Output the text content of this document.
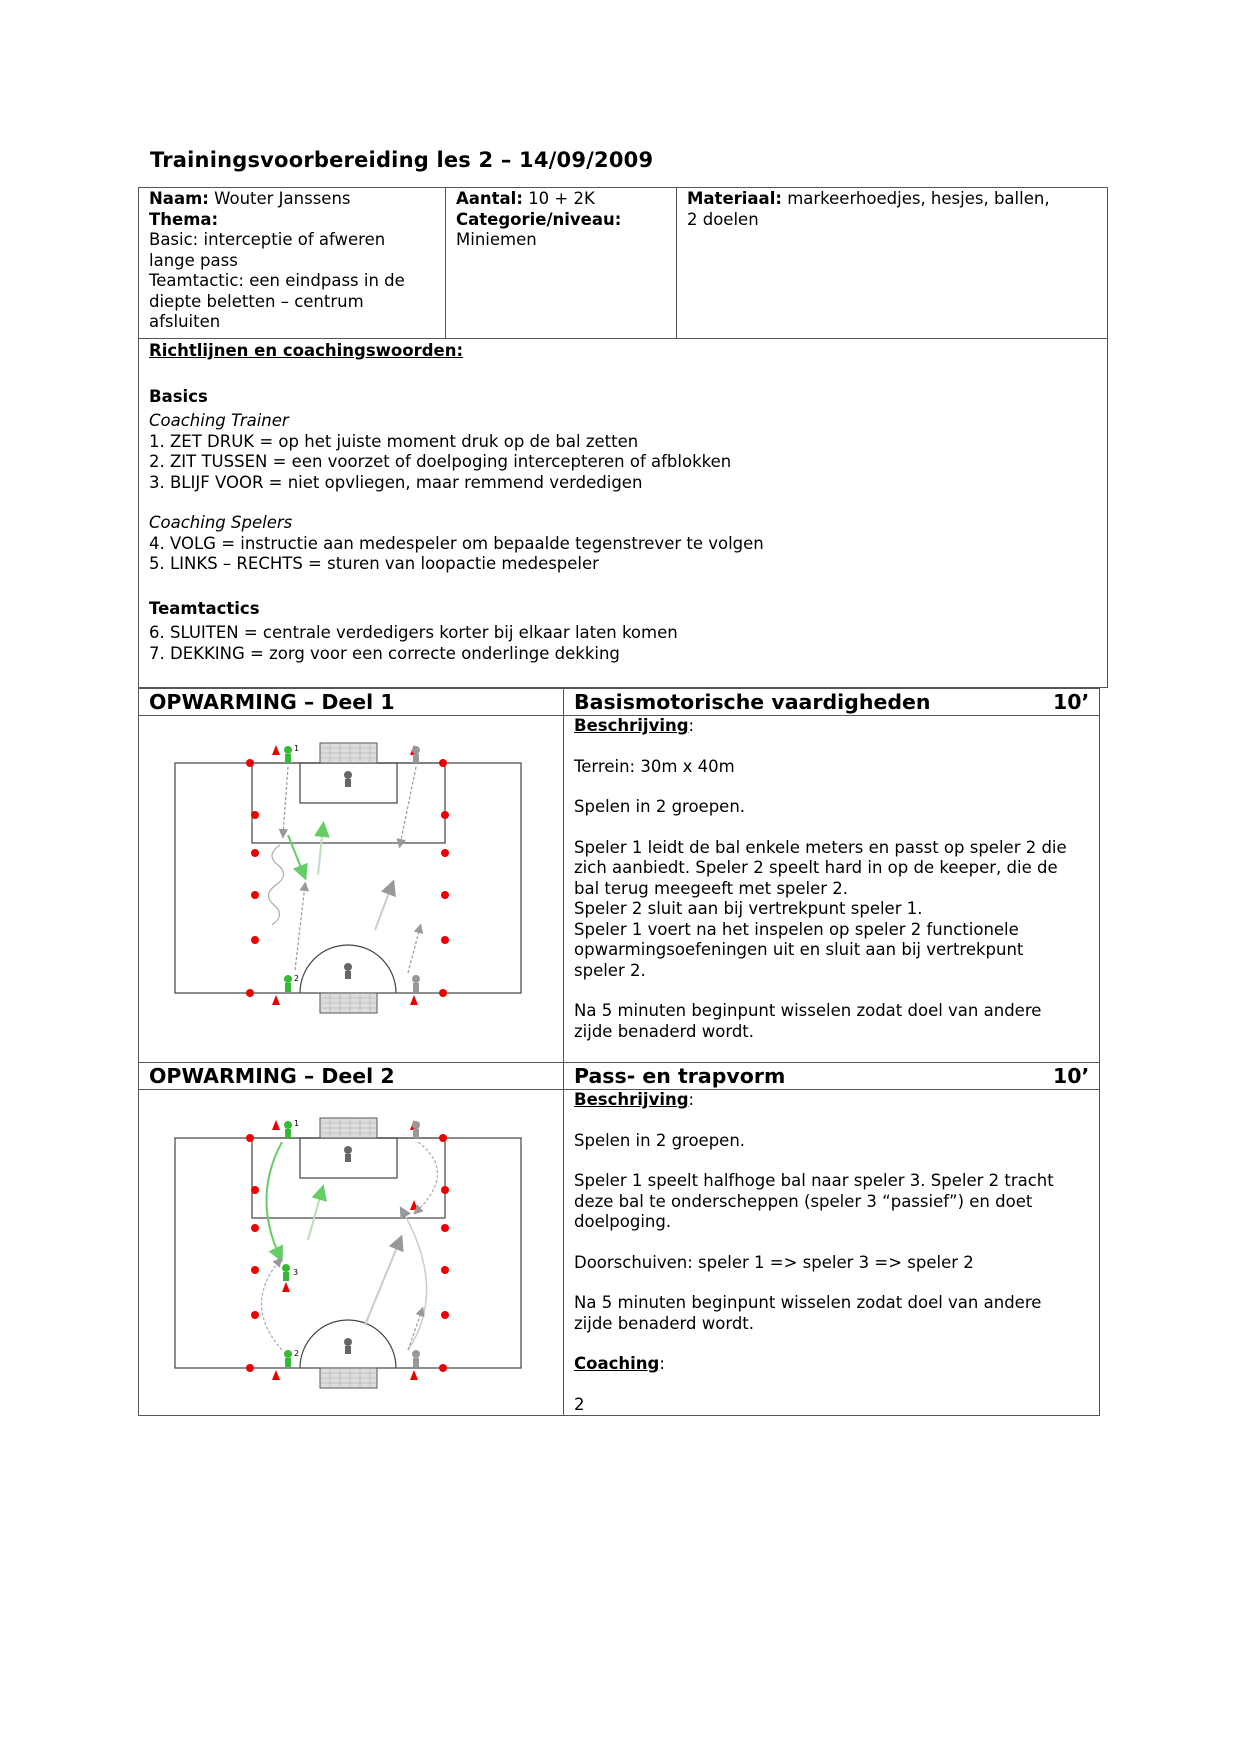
Trainingsvoorbereiding les 2 – 14/09/2009
Naam: Wouter Janssens
Thema:
Basic: interceptie of afweren
lange pass
Teamtactic: een eindpass in de
diepte beletten – centrum
afsluiten
Aantal: 10 + 2K
Categorie/niveau:
Miniemen
Materiaal: markeerhoedjes, hesjes, ballen,
2 doelen
Richtlijnen en coachingswoorden:
Basics
Coaching Trainer
1. ZET DRUK = op het juiste moment druk op de bal zetten
2. ZIT TUSSEN = een voorzet of doelpoging intercepteren of afblokken
3. BLIJF VOOR = niet opvliegen, maar remmend verdedigen
Coaching Spelers
4. VOLG = instructie aan medespeler om bepaalde tegenstrever te volgen
5. LINKS – RECHTS = sturen van loopactie medespeler
Teamtactics
6. SLUITEN = centrale verdedigers korter bij elkaar laten komen
7. DEKKING = zorg voor een correcte onderlinge dekking
OPWARMING – Deel 1	Basismotorische vaardigheden	10’
Beschrijving:
Terrein: 30m x 40m
Spelen in 2 groepen.
Speler 1 leidt de bal enkele meters en passt op speler 2 die
zich aanbiedt. Speler 2 speelt hard in op de keeper, die de
bal terug meegeeft met speler 2.
Speler 2 sluit aan bij vertrekpunt speler 1.
Speler 1 voert na het inspelen op speler 2 functionele
opwarmingsoefeningen uit en sluit aan bij vertrekpunt
speler 2.
Na 5 minuten beginpunt wisselen zodat doel van andere
zijde benaderd wordt.
1
2
OPWARMING – Deel 2	Pass- en trapvorm	10’
Beschrijving:
Spelen in 2 groepen.
Speler 1 speelt halfhoge bal naar speler 3. Speler 2 tracht
deze bal te onderscheppen (speler 3 “passief”) en doet
doelpoging.
Doorschuiven: speler 1 => speler 3 => speler 2
Na 5 minuten beginpunt wisselen zodat doel van andere
zijde benaderd wordt.
Coaching:
2
1
2
3
